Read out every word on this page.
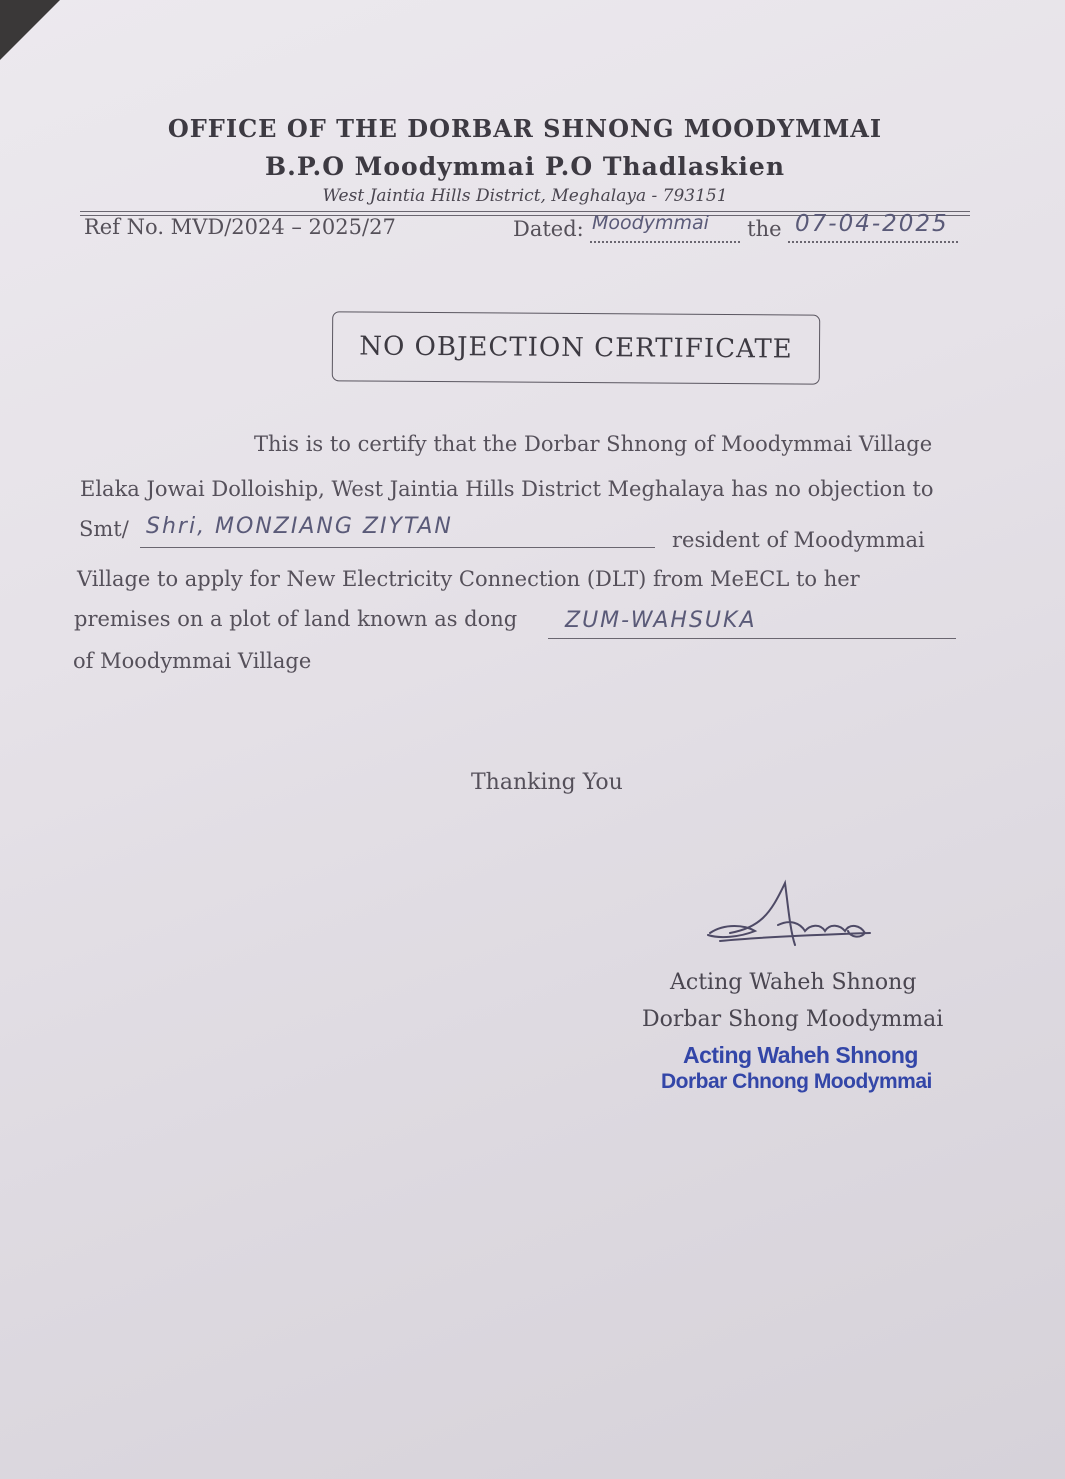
OFFICE OF THE DORBAR SHNONG MOODYMMAI
B.P.O Moodymmai P.O Thadlaskien
West Jaintia Hills District, Meghalaya - 793151
Ref No. MVD/2024 – 2025/27	Dated:	the
Moodymmai	07-04-2025
NO OBJECTION CERTIFICATE
This is to certify that the Dorbar Shnong of Moodymmai Village
Elaka Jowai Dolloiship, West Jaintia Hills District Meghalaya has no objection to
Smt/ Shri, MONZIANG ZIYTAN
resident of Moodymmai
Village to apply for New Electricity Connection (DLT) from MeECL to her
premises on a plot of land known as dong ZUM-WAHSUKA
of Moodymmai Village
Thanking You
Acting Waheh Shnong
Dorbar Shong Moodymmai
Acting Waheh Shnong
Dorbar Chnong Moodymmai
